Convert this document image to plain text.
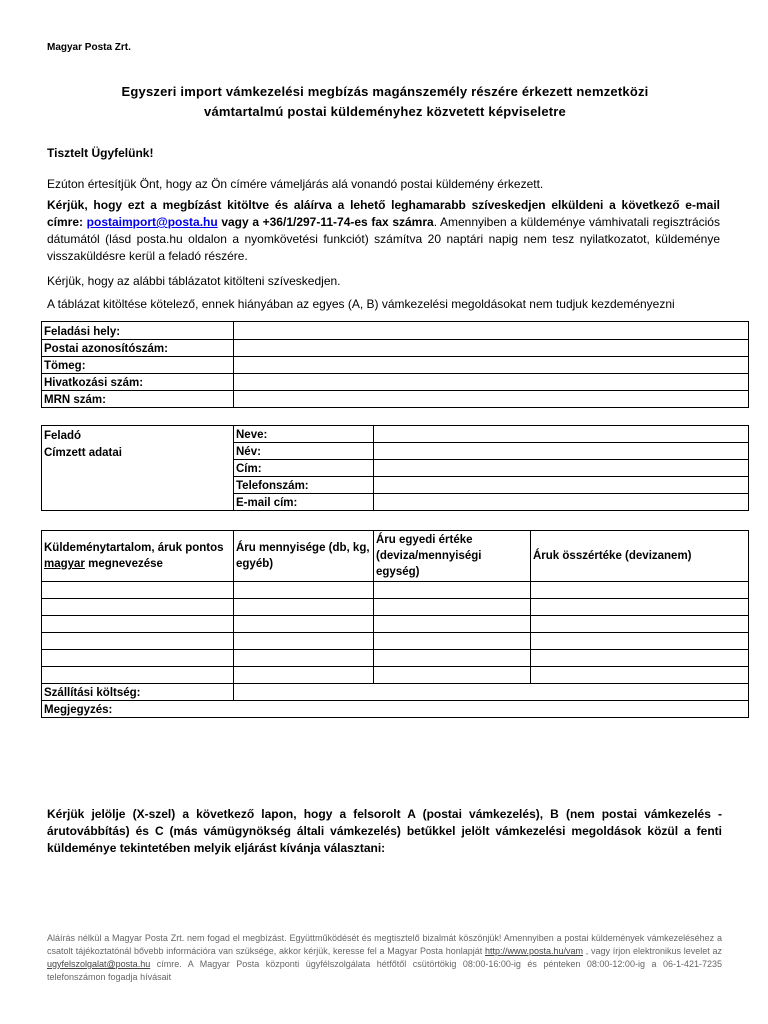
Magyar Posta Zrt.
Egyszeri import vámkezelési megbízás magánszemély részére érkezett nemzetközi
vámtartalmú postai küldeményhez közvetett képviseletre
Tisztelt Ügyfelünk!
Ezúton értesítjük Önt, hogy az Ön címére vámeljárás alá vonandó postai küldemény érkezett.
Kérjük, hogy ezt a megbízást kitöltve és aláírva a lehető leghamarabb szíveskedjen elküldeni a következő e-mail címre: postaimport@posta.hu vagy a +36/1/297-11-74-es fax számra. Amennyiben a küldeménye vámhivatali regisztrációs dátumától (lásd posta.hu oldalon a nyomkövetési funkciót) számítva 20 naptári napig nem tesz nyilatkozatot, küldeménye visszaküldésre kerül a feladó részére.
Kérjük, hogy az alábbi táblázatot kitölteni szíveskedjen.
A táblázat kitöltése kötelező, ennek hiányában az egyes (A, B) vámkezelési megoldásokat nem tudjuk kezdeményezni
Feladási hely:	
Postai azonosítószám:	
Tömeg:	
Hivatkozási szám:	
MRN szám:	
Feladó	Neve:	
Címzett adatai	Név:	
	Cím:	
	Telefonszám:	
	E-mail cím:	
Küldeménytartalom, áruk pontos magyar megnevezése	Áru mennyisége (db, kg, egyéb)	Áru egyedi értéke (deviza/mennyiségi egység)	Áruk összértéke (devizanem)

Szállítási költség:			
Megjegyzés:			
Kérjük jelölje (X-szel) a következő lapon, hogy a felsorolt A (postai vámkezelés), B (nem postai vámkezelés - árutovábbítás) és C (más vámügynökség általi vámkezelés) betűkkel jelölt vámkezelési megoldások közül a fenti küldeménye tekintetében melyik eljárást kívánja választani:
Aláírás nélkül a Magyar Posta Zrt. nem fogad el megbízást. Együttműködését és megtisztelő bizalmát köszönjük! Amennyiben a postai küldemények vámkezeléséhez a csatolt tájékoztatónál bővebb információra van szüksége, akkor kérjük, keresse fel a Magyar Posta honlapját http://www.posta.hu/vam , vagy írjon elektronikus levelet az ugyfelszolgalat@posta.hu címre. A Magyar Posta központi ügyfélszolgálata hétfőtől csütörtökig 08:00-16:00-ig és pénteken 08:00-12:00-ig a 06-1-421-7235 telefonszámon fogadja hívásait
